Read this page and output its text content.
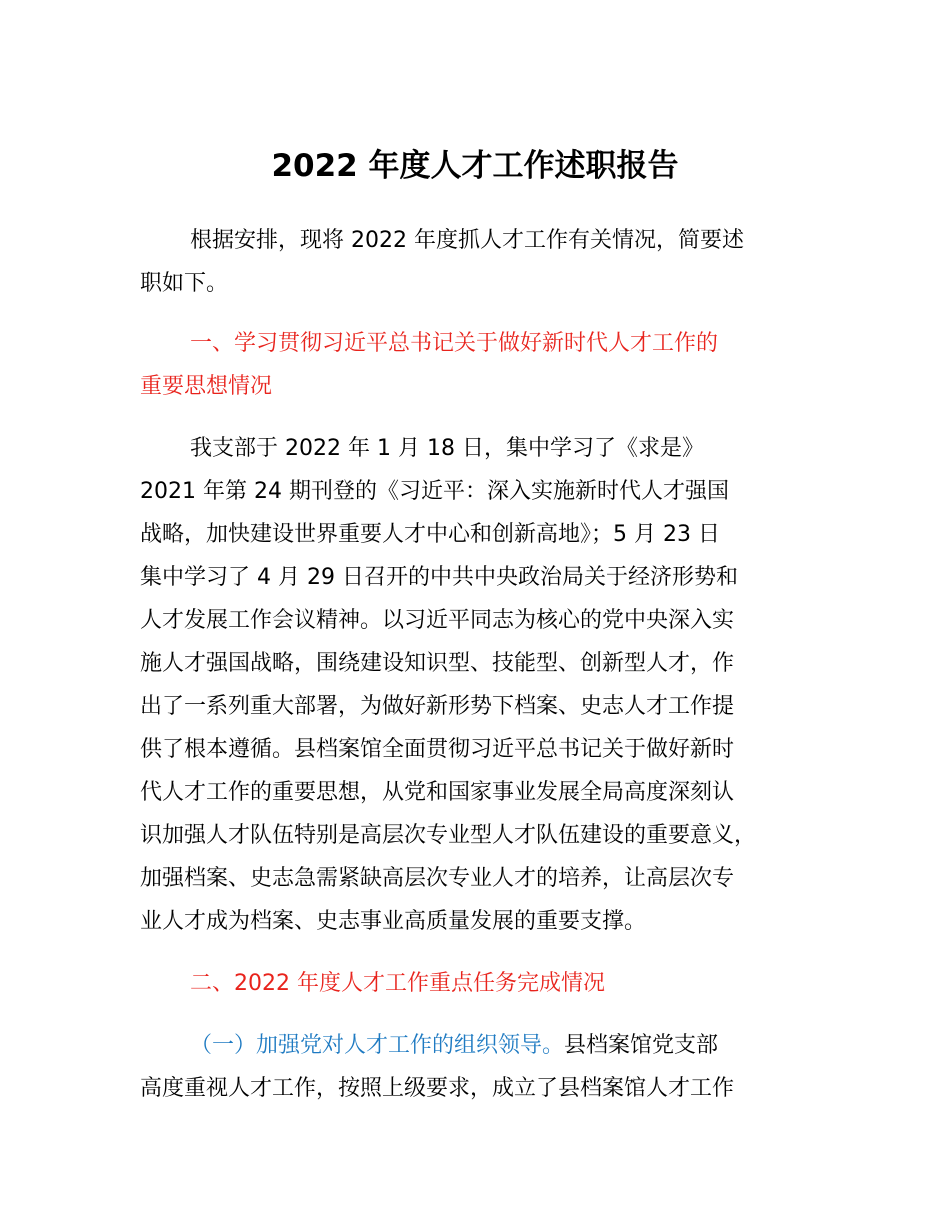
2022 年度人才工作述职报告
根据安排，现将 2022 年度抓人才工作有关情况，简要述
职如下。
一、学习贯彻习近平总书记关于做好新时代人才工作的
重要思想情况
我支部于 2022 年 1 月 18 日，集中学习了《求是》
2021 年第 24 期刊登的《习近平：深入实施新时代人才强国
战略，加快建设世界重要人才中心和创新高地》；5 月 23 日
集中学习了 4 月 29 日召开的中共中央政治局关于经济形势和
人才发展工作会议精神。以习近平同志为核心的党中央深入实
施人才强国战略，围绕建设知识型、技能型、创新型人才，作
出了一系列重大部署，为做好新形势下档案、史志人才工作提
供了根本遵循。县档案馆全面贯彻习近平总书记关于做好新时
代人才工作的重要思想，从党和国家事业发展全局高度深刻认
识加强人才队伍特别是高层次专业型人才队伍建设的重要意义，
加强档案、史志急需紧缺高层次专业人才的培养，让高层次专
业人才成为档案、史志事业高质量发展的重要支撑。
二、2022 年度人才工作重点任务完成情况
（一）加强党对人才工作的组织领导。县档案馆党支部
高度重视人才工作，按照上级要求，成立了县档案馆人才工作
